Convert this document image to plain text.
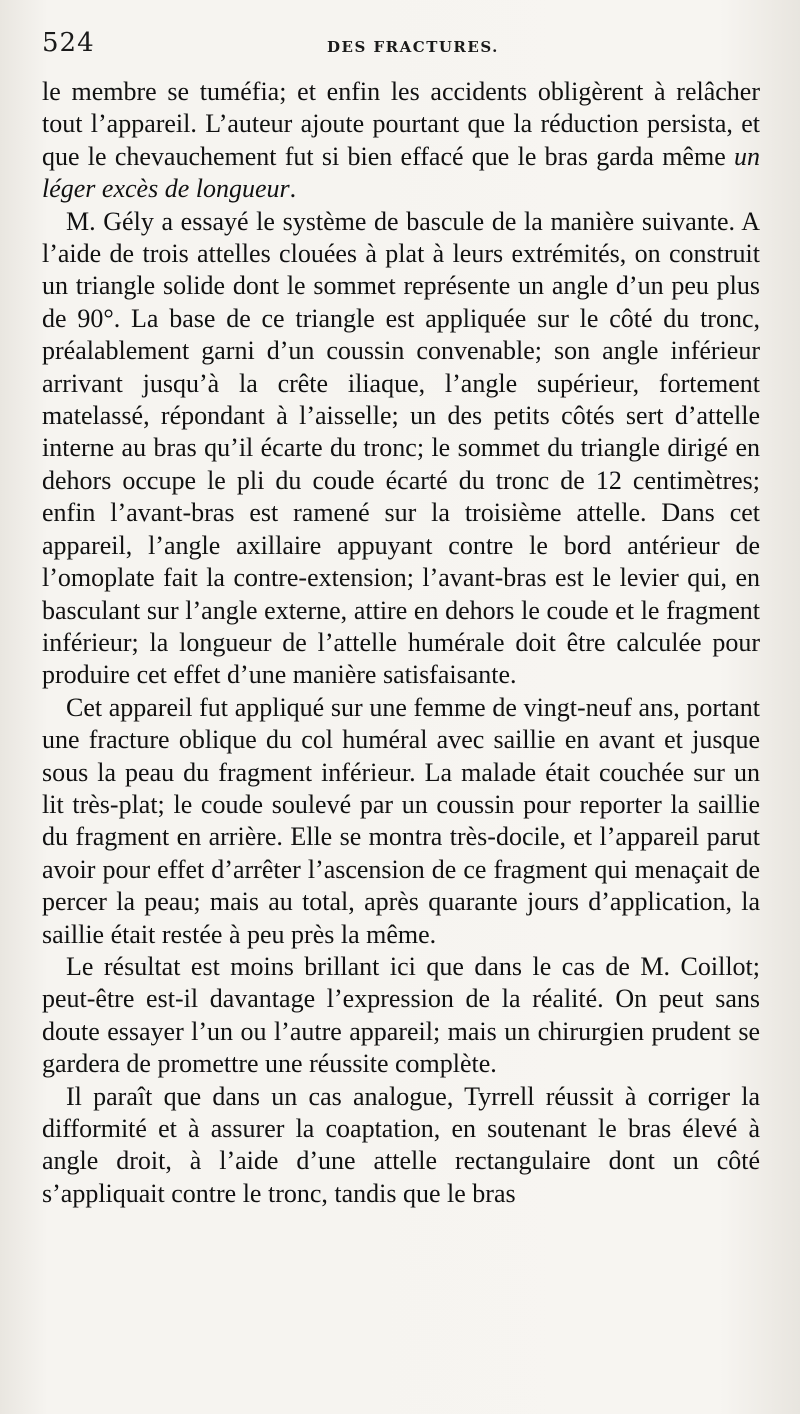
524	DES FRACTURES.

le membre se tuméfia; et enfin les accidents obligèrent à relâcher tout l’appareil. L’auteur ajoute pourtant que la réduction persista, et que le chevauchement fut si bien effacé que le bras garda même un léger excès de longueur.

M. Gély a essayé le système de bascule de la manière suivante. A l’aide de trois attelles clouées à plat à leurs extrémités, on construit un triangle solide dont le sommet représente un angle d’un peu plus de 90°. La base de ce triangle est appliquée sur le côté du tronc, préalablement garni d’un coussin convenable; son angle inférieur arrivant jusqu’à la crête iliaque, l’angle supérieur, fortement matelassé, répondant à l’aisselle; un des petits côtés sert d’attelle interne au bras qu’il écarte du tronc; le sommet du triangle dirigé en dehors occupe le pli du coude écarté du tronc de 12 centimètres; enfin l’avant-bras est ramené sur la troisième attelle. Dans cet appareil, l’angle axillaire appuyant contre le bord antérieur de l’omoplate fait la contre-extension; l’avant-bras est le levier qui, en basculant sur l’angle externe, attire en dehors le coude et le fragment inférieur; la longueur de l’attelle humérale doit être calculée pour produire cet effet d’une manière satisfaisante.

Cet appareil fut appliqué sur une femme de vingt-neuf ans, portant une fracture oblique du col huméral avec saillie en avant et jusque sous la peau du fragment inférieur. La malade était couchée sur un lit très-plat; le coude soulevé par un coussin pour reporter la saillie du fragment en arrière. Elle se montra très-docile, et l’appareil parut avoir pour effet d’arrêter l’ascension de ce fragment qui menaçait de percer la peau; mais au total, après quarante jours d’application, la saillie était restée à peu près la même.

Le résultat est moins brillant ici que dans le cas de M. Coillot; peut-être est-il davantage l’expression de la réalité. On peut sans doute essayer l’un ou l’autre appareil; mais un chirurgien prudent se gardera de promettre une réussite complète.

Il paraît que dans un cas analogue, Tyrrell réussit à corriger la difformité et à assurer la coaptation, en soutenant le bras élevé à angle droit, à l’aide d’une attelle rectangulaire dont un côté s’appliquait contre le tronc, tandis que le bras
